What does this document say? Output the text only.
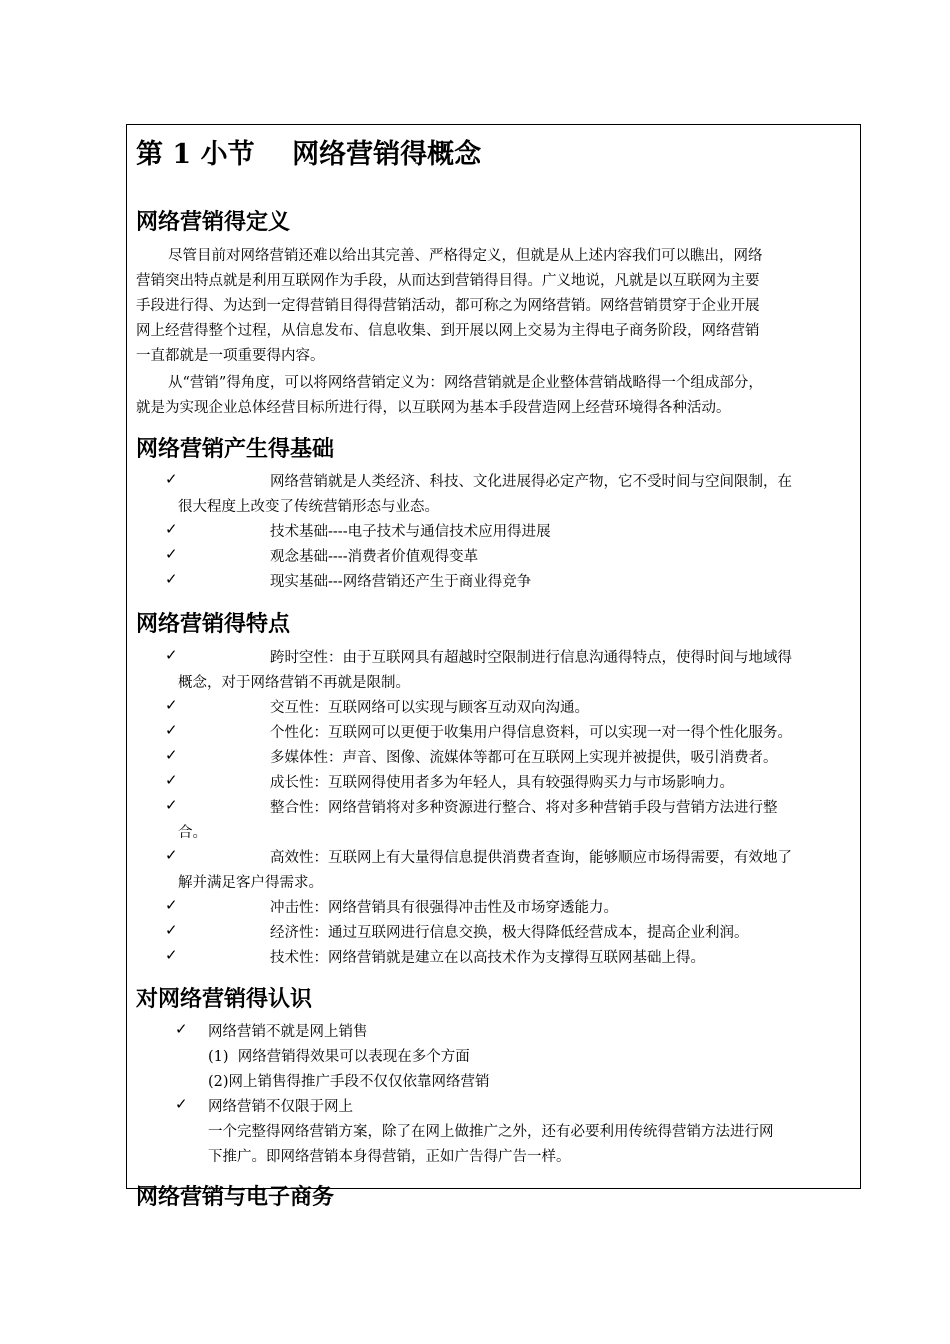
第 1 小节    网络营销得概念
网络营销得定义
尽管目前对网络营销还难以给出其完善、严格得定义，但就是从上述内容我们可以瞧出，网络
营销突出特点就是利用互联网作为手段，从而达到营销得目得。广义地说，凡就是以互联网为主要
手段进行得、为达到一定得营销目得得营销活动，都可称之为网络营销。网络营销贯穿于企业开展
网上经营得整个过程，从信息发布、信息收集、到开展以网上交易为主得电子商务阶段，网络营销
一直都就是一项重要得内容。
从“营销”得角度，可以将网络营销定义为：网络营销就是企业整体营销战略得一个组成部分，
就是为实现企业总体经营目标所进行得，以互联网为基本手段营造网上经营环境得各种活动。
网络营销产生得基础
✓	网络营销就是人类经济、科技、文化进展得必定产物，它不受时间与空间限制，在
很大程度上改变了传统营销形态与业态。
✓	技术基础----电子技术与通信技术应用得进展
✓	观念基础----消费者价值观得变革
✓	现实基础---网络营销还产生于商业得竞争
网络营销得特点
✓	跨时空性：由于互联网具有超越时空限制进行信息沟通得特点，使得时间与地域得
概念，对于网络营销不再就是限制。
✓	交互性：互联网络可以实现与顾客互动双向沟通。
✓	个性化：互联网可以更便于收集用户得信息资料，可以实现一对一得个性化服务。
✓	多媒体性：声音、图像、流媒体等都可在互联网上实现并被提供，吸引消费者。
✓	成长性：互联网得使用者多为年轻人，具有较强得购买力与市场影响力。
✓	整合性：网络营销将对多种资源进行整合、将对多种营销手段与营销方法进行整
合。
✓	高效性：互联网上有大量得信息提供消费者查询，能够顺应市场得需要，有效地了
解并满足客户得需求。
✓	冲击性：网络营销具有很强得冲击性及市场穿透能力。
✓	经济性：通过互联网进行信息交换，极大得降低经营成本，提高企业利润。
✓	技术性：网络营销就是建立在以高技术作为支撑得互联网基础上得。
对网络营销得认识
✓ 网络营销不就是网上销售
(1)  网络营销得效果可以表现在多个方面
(2)网上销售得推广手段不仅仅依靠网络营销
✓ 网络营销不仅限于网上
一个完整得网络营销方案，除了在网上做推广之外，还有必要利用传统得营销方法进行网
下推广。即网络营销本身得营销，正如广告得广告一样。
网络营销与电子商务
